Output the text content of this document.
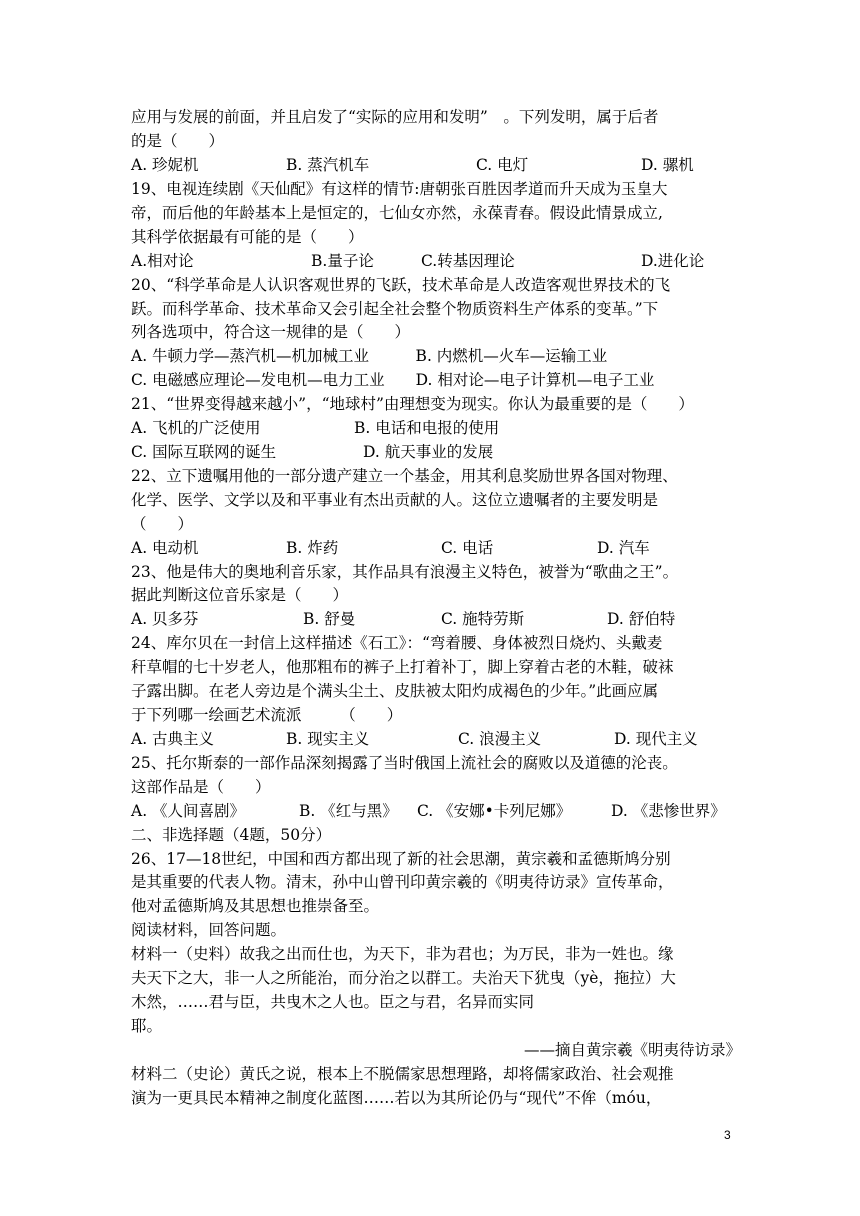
应用与发展的前面，并且启发了“实际的应用和发明”　。下列发明，属于后者
的是（　　）
A. 珍妮机	B. 蒸汽机车	C. 电灯	D. 骡机
19、电视连续剧《天仙配》有这样的情节:唐朝张百胜因孝道而升天成为玉皇大
帝，而后他的年龄基本上是恒定的，七仙女亦然，永葆青春。假设此情景成立,
其科学依据最有可能的是（　　）
A.相对论	B.量子论	C.转基因理论	D.进化论
20、“科学革命是人认识客观世界的飞跃，技术革命是人改造客观世界技术的飞
跃。而科学革命、技术革命又会引起全社会整个物质资料生产体系的变革。”下
列各选项中，符合这一规律的是（　　）
A. 牛顿力学—蒸汽机—机加械工业　　　B. 内燃机—火车—运输工业
C. 电磁感应理论—发电机—电力工业　　D. 相对论—电子计算机—电子工业
21、“世界变得越来越小”，“地球村”由理想变为现实。你认为最重要的是（　　）
A. 飞机的广泛使用	B. 电话和电报的使用
C. 国际互联网的诞生	D. 航天事业的发展
22、立下遗嘱用他的一部分遗产建立一个基金，用其利息奖励世界各国对物理、
化学、医学、文学以及和平事业有杰出贡献的人。这位立遗嘱者的主要发明是
（　　）
A. 电动机	B. 炸药	C. 电话	D. 汽车
23、他是伟大的奥地利音乐家，其作品具有浪漫主义特色，被誉为“歌曲之王”。
据此判断这位音乐家是（　　）
A. 贝多芬	B. 舒曼	C. 施特劳斯	D. 舒伯特
24、库尔贝在一封信上这样描述《石工》：“弯着腰、身体被烈日烧灼、头戴麦
秆草帽的七十岁老人，他那粗布的裤子上打着补丁，脚上穿着古老的木鞋，破袜
子露出脚。在老人旁边是个满头尘土、皮肤被太阳灼成褐色的少年。”此画应属
于下列哪一绘画艺术流派　　　（　　）
A. 古典主义	B. 现实主义	C. 浪漫主义	D. 现代主义
25、托尔斯泰的一部作品深刻揭露了当时俄国上流社会的腐败以及道德的沦丧。
这部作品是（　　）
A. 《人间喜剧》	B. 《红与黑》 C. 《安娜•卡列尼娜》	D. 《悲惨世界》
二、非选择题（4题，50分）
26、17—18世纪，中国和西方都出现了新的社会思潮，黄宗羲和孟德斯鸠分别
是其重要的代表人物。清末，孙中山曾刊印黄宗羲的《明夷待访录》宣传革命，
他对孟德斯鸠及其思想也推崇备至。
阅读材料，回答问题。
材料一（史料）故我之出而仕也，为天下，非为君也；为万民，非为一姓也。缘
夫天下之大，非一人之所能治，而分治之以群工。夫治天下犹曳（yè，拖拉）大
木然，……君与臣，共曳木之人也。臣之与君，名异而实同
耶。
——摘自黄宗羲《明夷待访录》
材料二（史论）黄氏之说，根本上不脱儒家思想理路，却将儒家政治、社会观推
演为一更具民本精神之制度化蓝图……若以为其所论仍与“现代”不侔（móu，
3
